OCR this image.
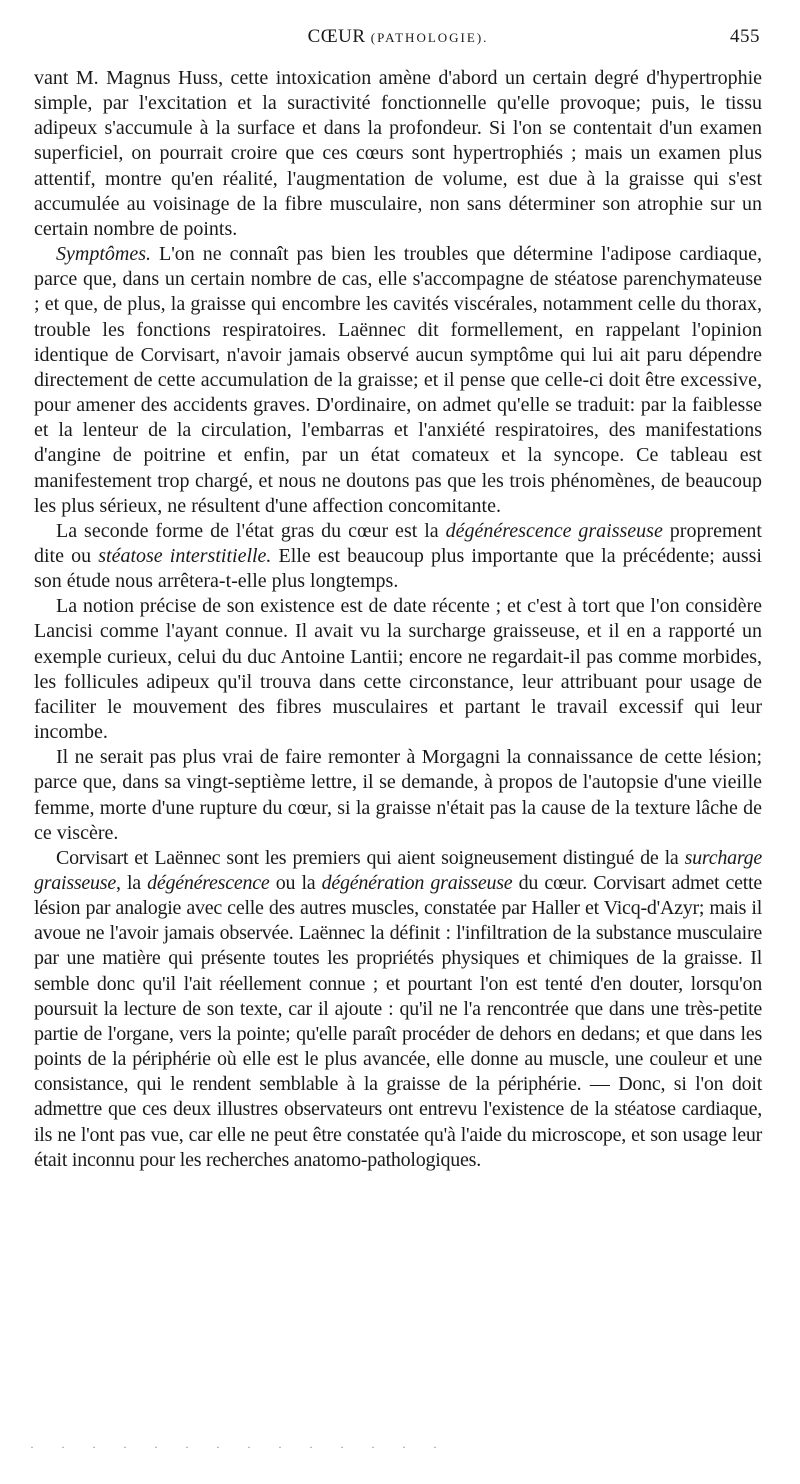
CŒUR (PATHOLOGIE).	455

vant M. Magnus Huss, cette intoxication amène d'abord un certain degré d'hypertrophie simple, par l'excitation et la suractivité fonctionnelle qu'elle provoque; puis, le tissu adipeux s'accumule à la surface et dans la profondeur. Si l'on se contentait d'un examen superficiel, on pourrait croire que ces cœurs sont hypertrophiés ; mais un examen plus attentif, montre qu'en réalité, l'augmentation de volume, est due à la graisse qui s'est accumulée au voisinage de la fibre musculaire, non sans déterminer son atrophie sur un certain nombre de points.

Symptômes. L'on ne connaît pas bien les troubles que détermine l'adipose cardiaque, parce que, dans un certain nombre de cas, elle s'accompagne de stéatose parenchymateuse ; et que, de plus, la graisse qui encombre les cavités viscérales, notamment celle du thorax, trouble les fonctions respiratoires. Laënnec dit formellement, en rappelant l'opinion identique de Corvisart, n'avoir jamais observé aucun symptôme qui lui ait paru dépendre directement de cette accumulation de la graisse; et il pense que celle-ci doit être excessive, pour amener des accidents graves. D'ordinaire, on admet qu'elle se traduit: par la faiblesse et la lenteur de la circulation, l'embarras et l'anxiété respiratoires, des manifestations d'angine de poitrine et enfin, par un état comateux et la syncope. Ce tableau est manifestement trop chargé, et nous ne doutons pas que les trois phénomènes, de beaucoup les plus sérieux, ne résultent d'une affection concomitante.

La seconde forme de l'état gras du cœur est la dégénérescence graisseuse proprement dite ou stéatose interstitielle. Elle est beaucoup plus importante que la précédente; aussi son étude nous arrêtera-t-elle plus longtemps.

La notion précise de son existence est de date récente ; et c'est à tort que l'on considère Lancisi comme l'ayant connue. Il avait vu la surcharge graisseuse, et il en a rapporté un exemple curieux, celui du duc Antoine Lantii; encore ne regardait-il pas comme morbides, les follicules adipeux qu'il trouva dans cette circonstance, leur attribuant pour usage de faciliter le mouvement des fibres musculaires et partant le travail excessif qui leur incombe.

Il ne serait pas plus vrai de faire remonter à Morgagni la connaissance de cette lésion; parce que, dans sa vingt-septième lettre, il se demande, à propos de l'autopsie d'une vieille femme, morte d'une rupture du cœur, si la graisse n'était pas la cause de la texture lâche de ce viscère.

Corvisart et Laënnec sont les premiers qui aient soigneusement distingué de la surcharge graisseuse, la dégénérescence ou la dégénération graisseuse du cœur. Corvisart admet cette lésion par analogie avec celle des autres muscles, constatée par Haller et Vicq-d'Azyr; mais il avoue ne l'avoir jamais observée. Laënnec la définit : l'infiltration de la substance musculaire par une matière qui présente toutes les propriétés physiques et chimiques de la graisse. Il semble donc qu'il l'ait réellement connue ; et pourtant l'on est tenté d'en douter, lorsqu'on poursuit la lecture de son texte, car il ajoute : qu'il ne l'a rencontrée que dans une très-petite partie de l'organe, vers la pointe; qu'elle paraît procéder de dehors en dedans; et que dans les points de la périphérie où elle est le plus avancée, elle donne au muscle, une couleur et une consistance, qui le rendent semblable à la graisse de la périphérie. — Donc, si l'on doit admettre que ces deux illustres observateurs ont entrevu l'existence de la stéatose cardiaque, ils ne l'ont pas vue, car elle ne peut être constatée qu'à l'aide du microscope, et son usage leur était inconnu pour les recherches anatomo-pathologiques.

· · · · · · · · · · · · · ·
